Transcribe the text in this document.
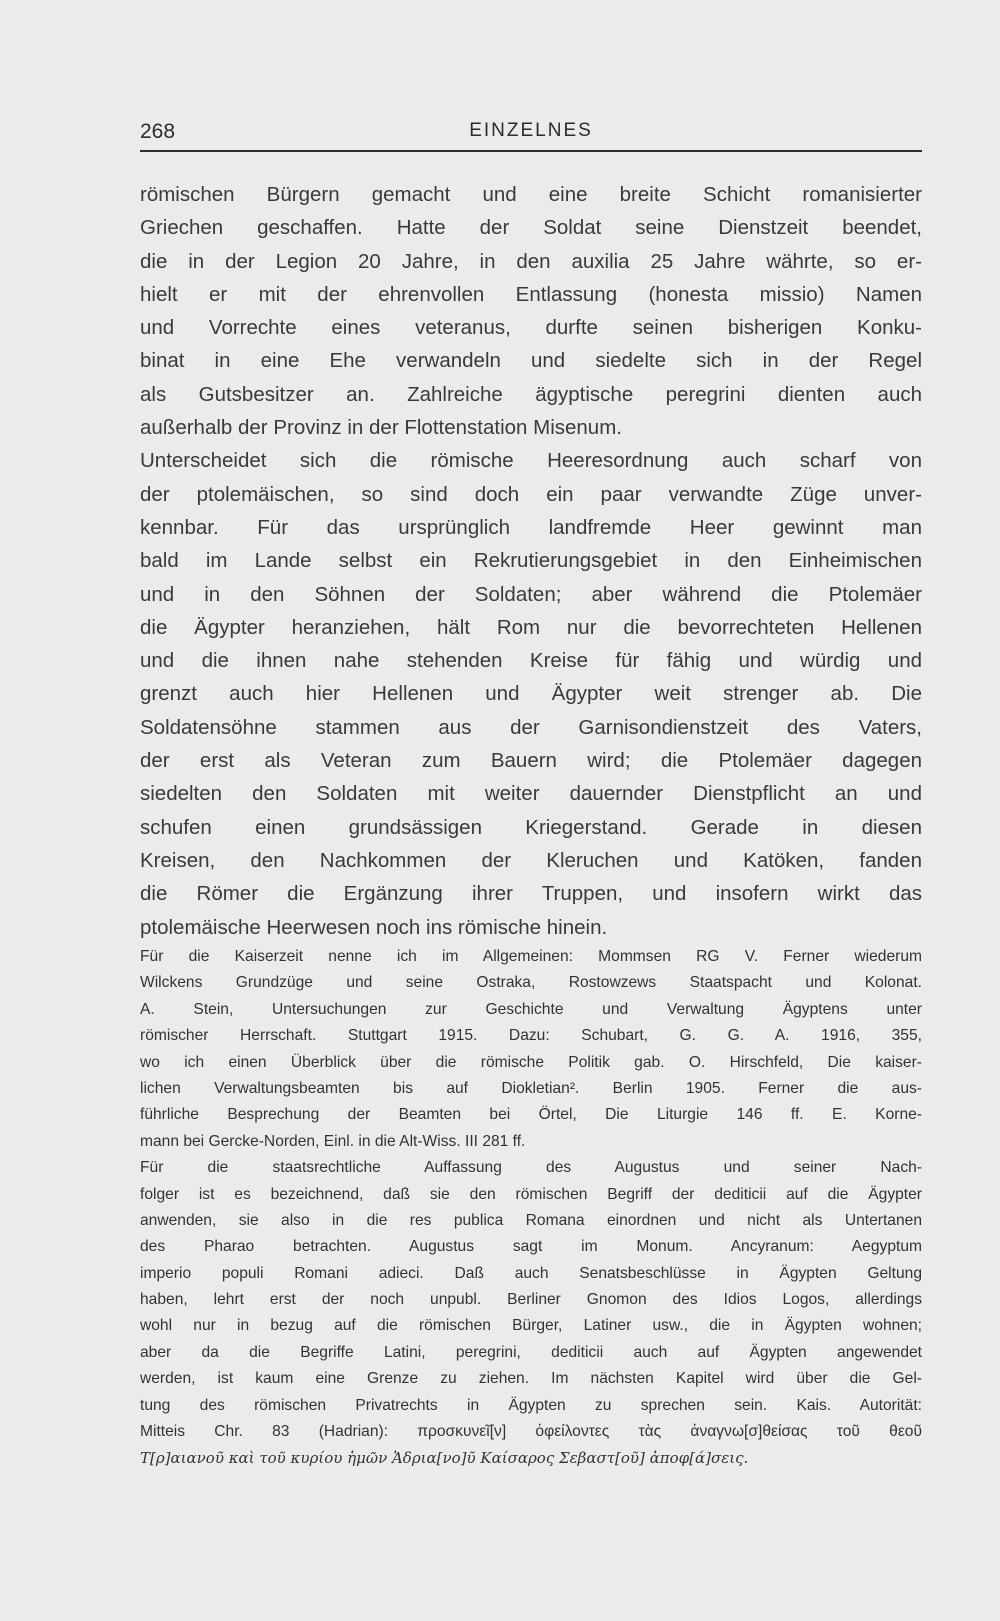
268	EINZELNES
römischen Bürgern gemacht und eine breite Schicht romanisierter
Griechen geschaffen. Hatte der Soldat seine Dienstzeit beendet,
die in der Legion 20 Jahre, in den auxilia 25 Jahre währte, so er-
hielt er mit der ehrenvollen Entlassung (honesta missio) Namen
und Vorrechte eines veteranus, durfte seinen bisherigen Konku-
binat in eine Ehe verwandeln und siedelte sich in der Regel
als Gutsbesitzer an. Zahlreiche ägyptische peregrini dienten auch
außerhalb der Provinz in der Flottenstation Misenum.
Unterscheidet sich die römische Heeresordnung auch scharf von
der ptolemäischen, so sind doch ein paar verwandte Züge unver-
kennbar. Für das ursprünglich landfremde Heer gewinnt man
bald im Lande selbst ein Rekrutierungsgebiet in den Einheimischen
und in den Söhnen der Soldaten; aber während die Ptolemäer
die Ägypter heranziehen, hält Rom nur die bevorrechteten Hellenen
und die ihnen nahe stehenden Kreise für fähig und würdig und
grenzt auch hier Hellenen und Ägypter weit strenger ab. Die
Soldatensöhne stammen aus der Garnisondienstzeit des Vaters,
der erst als Veteran zum Bauern wird; die Ptolemäer dagegen
siedelten den Soldaten mit weiter dauernder Dienstpflicht an und
schufen einen grundsässigen Kriegerstand. Gerade in diesen
Kreisen, den Nachkommen der Kleruchen und Katöken, fanden
die Römer die Ergänzung ihrer Truppen, und insofern wirkt das
ptolemäische Heerwesen noch ins römische hinein.
Für die Kaiserzeit nenne ich im Allgemeinen: Mommsen RG V. Ferner wiederum
Wilckens Grundzüge und seine Ostraka, Rostowzews Staatspacht und Kolonat.
A. Stein, Untersuchungen zur Geschichte und Verwaltung Ägyptens unter
römischer Herrschaft. Stuttgart 1915. Dazu: Schubart, G. G. A. 1916, 355,
wo ich einen Überblick über die römische Politik gab. O. Hirschfeld, Die kaiser-
lichen Verwaltungsbeamten bis auf Diokletian². Berlin 1905. Ferner die aus-
führliche Besprechung der Beamten bei Örtel, Die Liturgie 146 ff. E. Korne-
mann bei Gercke-Norden, Einl. in die Alt-Wiss. III 281 ff.
Für die staatsrechtliche Auffassung des Augustus und seiner Nach-
folger ist es bezeichnend, daß sie den römischen Begriff der dediticii auf die Ägypter
anwenden, sie also in die res publica Romana einordnen und nicht als Untertanen
des Pharao betrachten. Augustus sagt im Monum. Ancyranum: Aegyptum
imperio populi Romani adieci. Daß auch Senatsbeschlüsse in Ägypten Geltung
haben, lehrt erst der noch unpubl. Berliner Gnomon des Idios Logos, allerdings
wohl nur in bezug auf die römischen Bürger, Latiner usw., die in Ägypten wohnen;
aber da die Begriffe Latini, peregrini, dediticii auch auf Ägypten angewendet
werden, ist kaum eine Grenze zu ziehen. Im nächsten Kapitel wird über die Gel-
tung des römischen Privatrechts in Ägypten zu sprechen sein. Kais. Autorität:
Mitteis Chr. 83 (Hadrian): προσκυνεῖ[ν] ὀφείλοντες τὰς ἀναγνω[σ]θείσας τοῦ θεοῦ
Τ[ρ]αιανοῦ καὶ τοῦ κυρίου ἡμῶν Ἁδρια[νο]ῦ Καίσαρος Σεβαστ[οῦ] ἀποφ[ά]σεις.
